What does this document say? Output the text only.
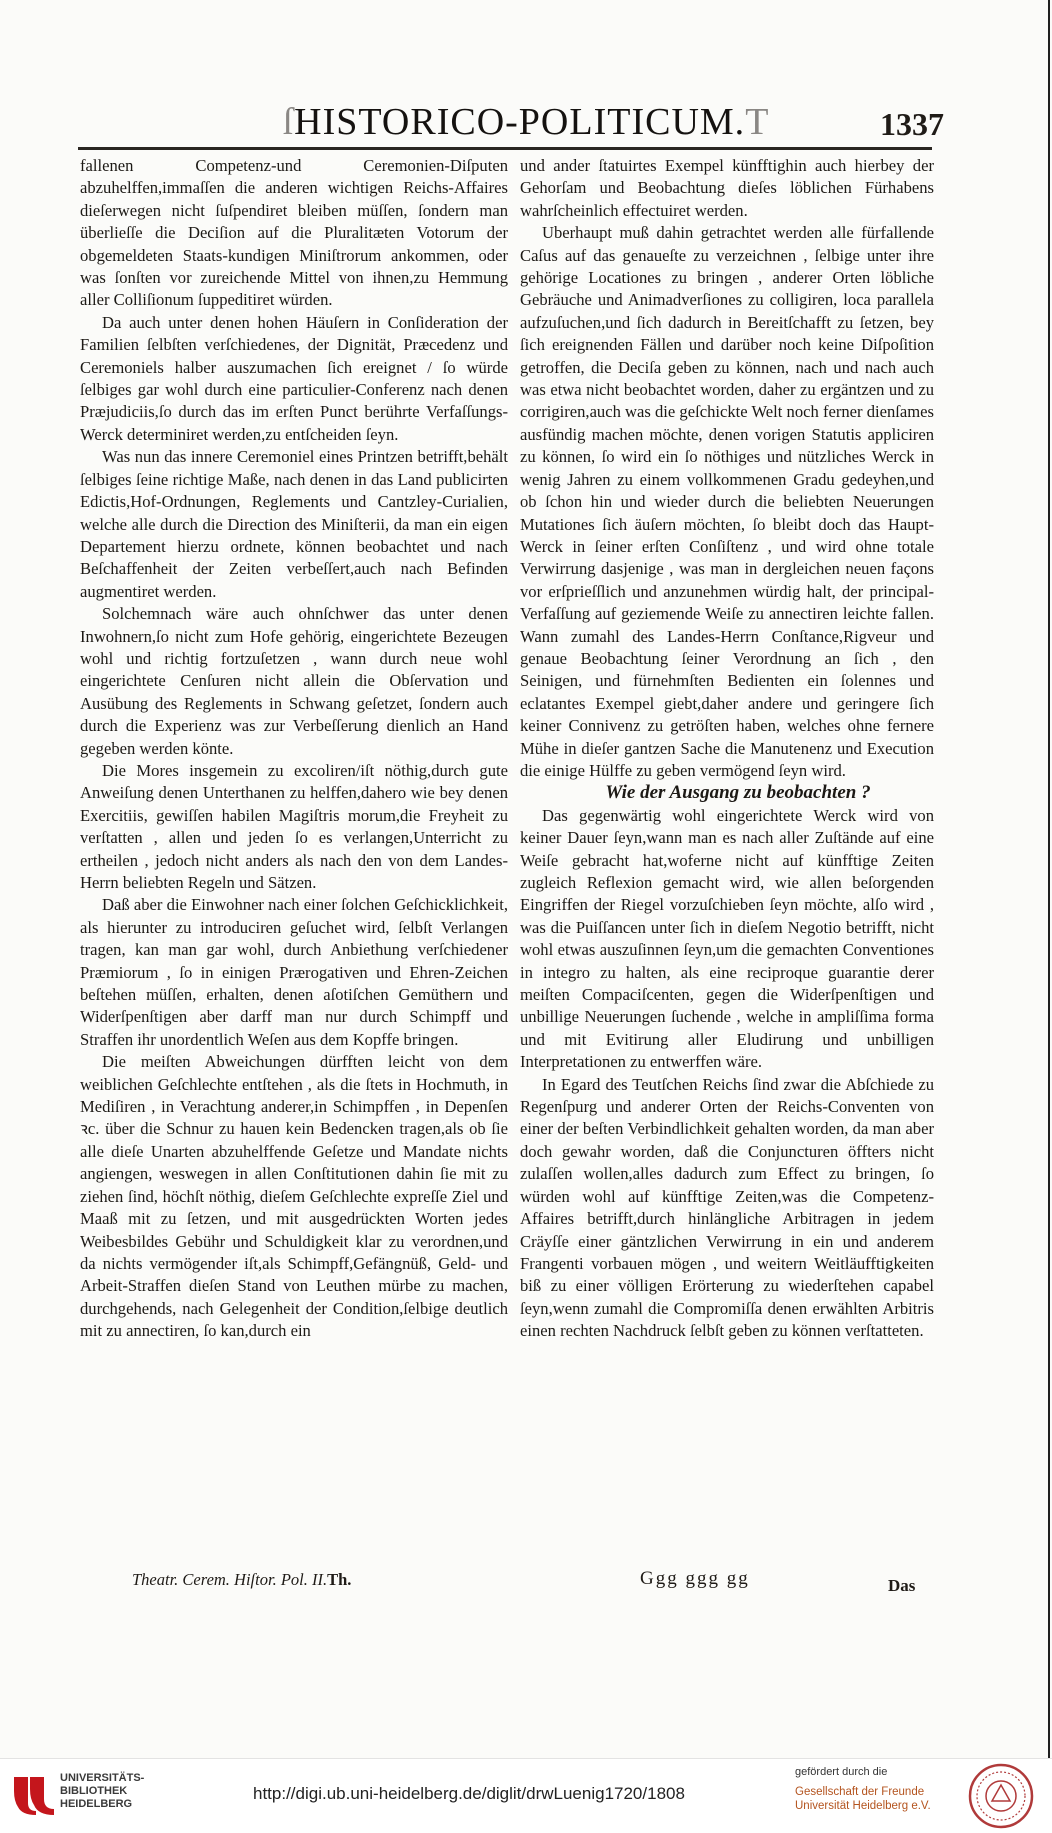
ſHISTORICO-POLITICUM.T	1337

fallenen Competenz-und Ceremonien-Diſputen abzuhelffen,immaſſen die anderen wichtigen Reichs-Affaires dieſerwegen nicht ſuſpendiret bleiben müſſen, ſondern man überlieſſe die Deciſion auf die Pluralitæten Votorum der obgemeldeten Staats-kundigen Miniſtrorum ankommen, oder was ſonſten vor zureichende Mittel von ihnen,zu Hemmung aller Colliſionum ſuppeditiret würden.

Da auch unter denen hohen Häuſern in Conſideration der Familien ſelbſten verſchiedenes, der Dignität, Præcedenz und Ceremoniels halber auszumachen ſich ereignet / ſo würde ſelbiges gar wohl durch eine particulier-Conferenz nach denen Præjudiciis,ſo durch das im erſten Punct berührte Verfaſſungs-Werck determiniret werden,zu entſcheiden ſeyn.

Was nun das innere Ceremoniel eines Printzen betrifft,behält ſelbiges ſeine richtige Maße, nach denen in das Land publicirten Edictis,Hof-Ordnungen, Reglements und Cantzley-Curialien, welche alle durch die Direction des Miniſterii, da man ein eigen Departement hierzu ordnete, können beobachtet und nach Beſchaffenheit der Zeiten verbeſſert,auch nach Befinden augmentiret werden.

Solchemnach wäre auch ohnſchwer das unter denen Inwohnern,ſo nicht zum Hofe gehörig, eingerichtete Bezeugen wohl und richtig fortzuſetzen , wann durch neue wohl eingerichtete Cenſuren nicht allein die Obſervation und Ausübung des Reglements in Schwang geſetzet, ſondern auch durch die Experienz was zur Verbeſſerung dienlich an Hand gegeben werden könte.

Die Mores insgemein zu excoliren/iſt nöthig,durch gute Anweiſung denen Unterthanen zu helffen,dahero wie bey denen Exercitiis, gewiſſen habilen Magiſtris morum,die Freyheit zu verſtatten , allen und jeden ſo es verlangen,Unterricht zu ertheilen , jedoch nicht anders als nach den von dem Landes-Herrn beliebten Regeln und Sätzen.

Daß aber die Einwohner nach einer ſolchen Geſchicklichkeit, als hierunter zu introduciren geſuchet wird, ſelbſt Verlangen tragen, kan man gar wohl, durch Anbiethung verſchiedener Præmiorum , ſo in einigen Prærogativen und Ehren-Zeichen beſtehen müſſen, erhalten, denen aſotiſchen Gemüthern und Widerſpenſtigen aber darff man nur durch Schimpff und Straffen ihr unordentlich Weſen aus dem Kopffe bringen.

Die meiſten Abweichungen dürfften leicht von dem weiblichen Geſchlechte entſtehen , als die ſtets in Hochmuth, in Mediſiren , in Verachtung anderer,in Schimpffen , in Depenſen ꝛc. über die Schnur zu hauen kein Bedencken tragen,als ob ſie alle dieſe Unarten abzuhelffende Geſetze und Mandate nichts angiengen, weswegen in allen Conſtitutionen dahin ſie mit zu ziehen ſind, höchſt nöthig, dieſem Geſchlechte expreſſe Ziel und Maaß mit zu ſetzen, und mit ausgedrückten Worten jedes Weibesbildes Gebühr und Schuldigkeit klar zu verordnen,und da nichts vermögender iſt,als Schimpff,Gefängnüß, Geld- und Arbeit-Straffen dieſen Stand von Leuthen mürbe zu machen, durchgehends, nach Gelegenheit der Condition,ſelbige deutlich mit zu annectiren, ſo kan,durch ein

und ander ſtatuirtes Exempel künfftighin auch hierbey der Gehorſam und Beobachtung dieſes löblichen Fürhabens wahrſcheinlich effectuiret werden.

Uberhaupt muß dahin getrachtet werden alle fürfallende Caſus auf das genaueſte zu verzeichnen , ſelbige unter ihre gehörige Locationes zu bringen , anderer Orten löbliche Gebräuche und Animadverſiones zu colligiren, loca parallela aufzuſuchen,und ſich dadurch in Bereitſchafft zu ſetzen, bey ſich ereignenden Fällen und darüber noch keine Diſpoſition getroffen, die Deciſa geben zu können, nach und nach auch was etwa nicht beobachtet worden, daher zu ergäntzen und zu corrigiren,auch was die geſchickte Welt noch ferner dienſames ausfündig machen möchte, denen vorigen Statutis appliciren zu können, ſo wird ein ſo nöthiges und nützliches Werck in wenig Jahren zu einem vollkommenen Gradu gedeyhen,und ob ſchon hin und wieder durch die beliebten Neuerungen Mutationes ſich äuſern möchten, ſo bleibt doch das Haupt-Werck in ſeiner erſten Conſiſtenz , und wird ohne totale Verwirrung dasjenige , was man in dergleichen neuen façons vor erſprieſſlich und anzunehmen würdig halt, der principal- Verfaſſung auf geziemende Weiſe zu annectiren leichte fallen. Wann zumahl des Landes-Herrn Conſtance,Rigveur und genaue Beobachtung ſeiner Verordnung an ſich , den Seinigen, und fürnehmſten Bedienten ein ſolennes und eclatantes Exempel giebt,daher andere und geringere ſich keiner Connivenz zu getröſten haben, welches ohne fernere Mühe in dieſer gantzen Sache die Manutenenz und Execution die einige Hülffe zu geben vermögend ſeyn wird.

Wie der Ausgang zu beobachten ?

Das gegenwärtig wohl eingerichtete Werck wird von keiner Dauer ſeyn,wann man es nach aller Zuſtände auf eine Weiſe gebracht hat,woferne nicht auf künfftige Zeiten zugleich Reflexion gemacht wird, wie allen beſorgenden Eingriffen der Riegel vorzuſchieben ſeyn möchte, alſo wird , was die Puiſſancen unter ſich in dieſem Negotio betrifft, nicht wohl etwas auszuſinnen ſeyn,um die gemachten Conventiones in integro zu halten, als eine reciproque guarantie derer meiſten Compaciſcenten, gegen die Widerſpenſtigen und unbillige Neuerungen ſuchende , welche in ampliſſima forma und mit Evitirung aller Eludirung und unbilligen Interpretationen zu entwerffen wäre.

In Egard des Teutſchen Reichs ſind zwar die Abſchiede zu Regenſpurg und anderer Orten der Reichs-Conventen von einer der beſten Verbindlichkeit gehalten worden, da man aber doch gewahr worden, daß die Conjuncturen öffters nicht zulaſſen wollen,alles dadurch zum Effect zu bringen, ſo würden wohl auf künfftige Zeiten,was die Competenz-Affaires betrifft,durch hinlängliche Arbitragen in jedem Cräyſſe einer gäntzlichen Verwirrung in ein und anderem Frangenti vorbauen mögen , und weitern Weitläufftigkeiten biß zu einer völligen Erörterung zu wiederſtehen capabel ſeyn,wenn zumahl die Compromiſſa denen erwählten Arbitris einen rechten Nachdruck ſelbſt geben zu können verſtatteten.

Theatr. Cerem. Hiſtor. Pol. II.Th.	Ggg ggg gg	Das
UNIVERSITÄTS-
BIBLIOTHEK
HEIDELBERG
http://digi.ub.uni-heidelberg.de/diglit/drwLuenig1720/1808
gefördert durch die
Gesellschaft der Freunde
Universität Heidelberg e.V.
